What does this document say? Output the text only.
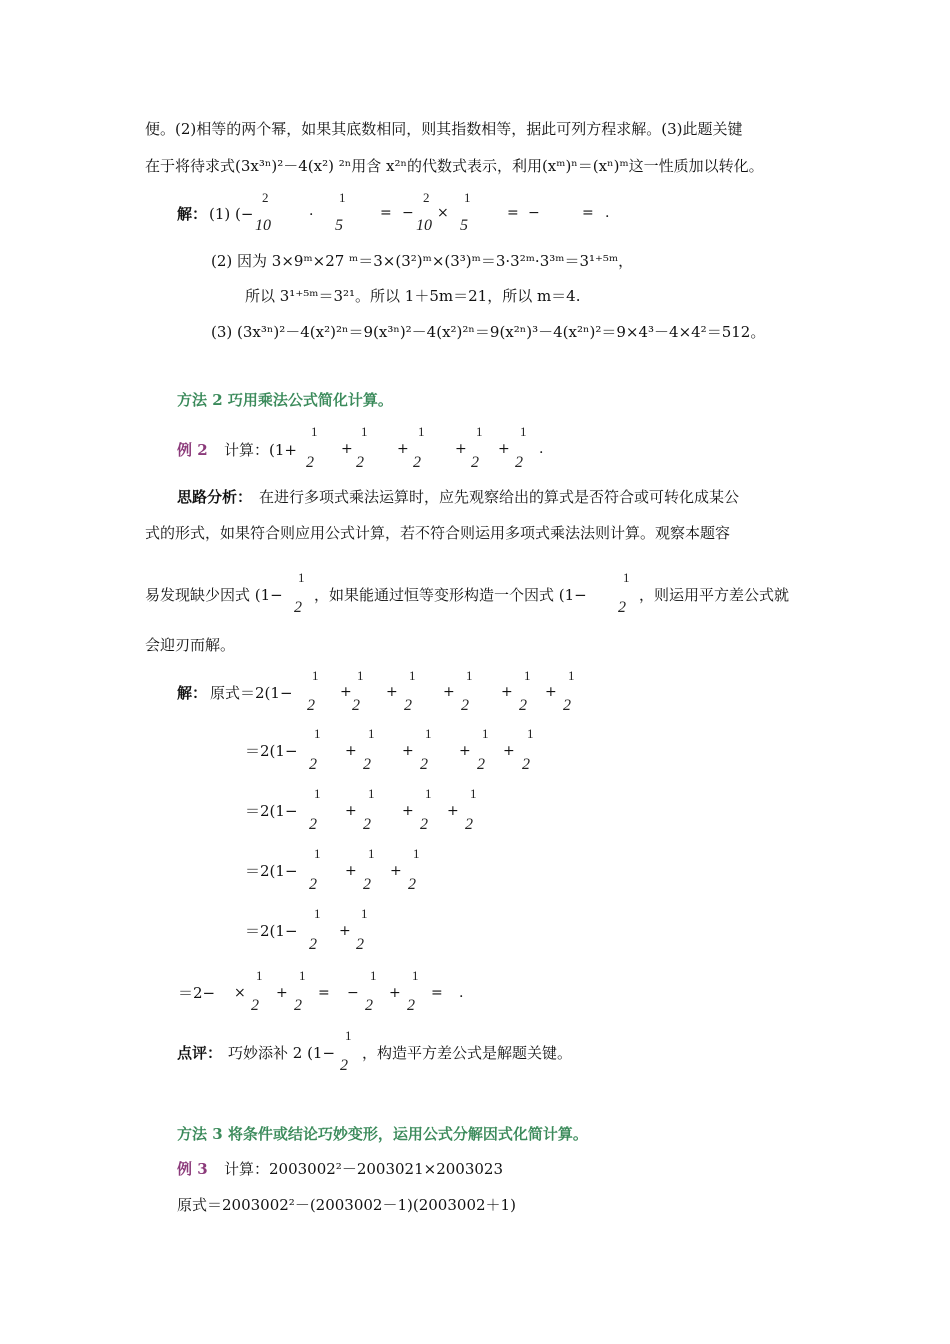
便。(2)相等的两个幂，如果其底数相同，则其指数相等，据此可列方程求解。(3)此题关键
在于将待求式(3x³ⁿ)²－4(x²) ²ⁿ用含 x²ⁿ的代数式表示，利用(xᵐ)ⁿ＝(xⁿ)ᵐ这一性质加以转化。
解： (1) (−
2
10
·
1
5
= −
2
10
×
1
5
= −	= .
(2) 因为 3×9ᵐ×27 ᵐ＝3×(3²)ᵐ×(3³)ᵐ＝3·3²ᵐ·3³ᵐ＝3¹⁺⁵ᵐ，
所以 3¹⁺⁵ᵐ＝3²¹。所以 1＋5m＝21，所以 m＝4.
(3) (3x³ⁿ)²－4(x²)²ⁿ＝9(x³ⁿ)²－4(x²)²ⁿ＝9(x²ⁿ)³－4(x²ⁿ)²＝9×4³－4×4²＝512。
方法 2 巧用乘法公式简化计算。
例 2 计算：(1+
1
2
+
1
2
+
1
2
+
1
2
+
1
2
.
思路分析： 在进行多项式乘法运算时，应先观察给出的算式是否符合或可转化成某公
式的形式，如果符合则应用公式计算，若不符合则运用多项式乘法法则计算。观察本题容
易发现缺少因式 (1−
1
2
，如果能通过恒等变形构造一个因式 (1−
1
2
，则运用平方差公式就
会迎刃而解。
解： 原式＝2(1−
1
2
+
1
2
+
1
2
+
1
2
+
1
2
+
1
2
＝2(1−
1
2
+
1
2
+
1
2
+
1
2
+
1
2
＝2(1−
1
2
+
1
2
+
1
2
+
1
2
＝2(1−
1
2
+
1
2
+
1
2
＝2(1−
1
2
+
1
2
＝2− ×
1
2
+
1
2
= −
1
2
+
1
2
= .
点评： 巧妙添补 2 (1−
1
2
，构造平方差公式是解题关键。
方法 3 将条件或结论巧妙变形，运用公式分解因式化简计算。
例 3 计算：2003002²－2003021×2003023
原式＝2003002²－(2003002－1)(2003002＋1)
